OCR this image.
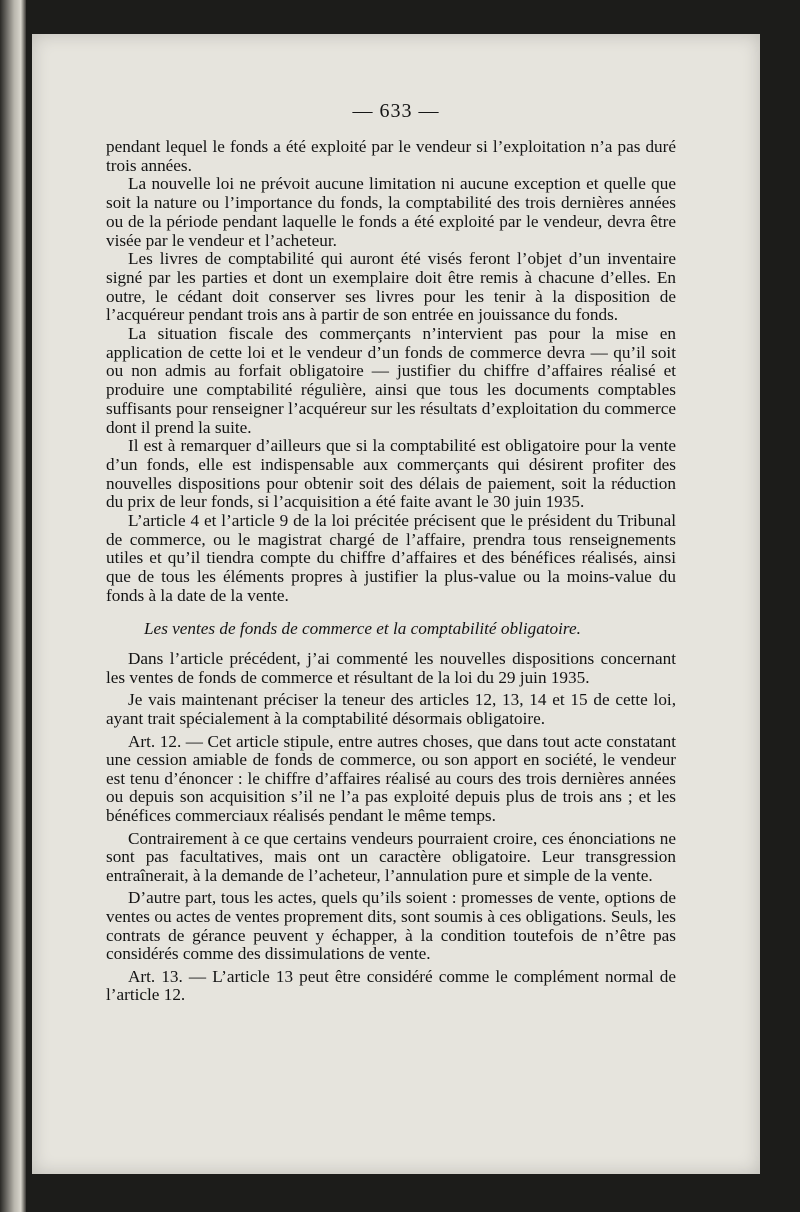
— 633 —

pendant lequel le fonds a été exploité par le vendeur si l’exploitation n’a pas duré trois années.

La nouvelle loi ne prévoit aucune limitation ni aucune exception et quelle que soit la nature ou l’importance du fonds, la comptabilité des trois dernières années ou de la période pendant laquelle le fonds a été exploité par le vendeur, devra être visée par le vendeur et l’acheteur.

Les livres de comptabilité qui auront été visés feront l’objet d’un inventaire signé par les parties et dont un exemplaire doit être remis à chacune d’elles. En outre, le cédant doit conserver ses livres pour les tenir à la disposition de l’acquéreur pendant trois ans à partir de son entrée en jouissance du fonds.

La situation fiscale des commerçants n’intervient pas pour la mise en application de cette loi et le vendeur d’un fonds de commerce devra — qu’il soit ou non admis au forfait obligatoire — justifier du chiffre d’affaires réalisé et produire une comptabilité régulière, ainsi que tous les documents comptables suffisants pour renseigner l’acquéreur sur les résultats d’exploitation du commerce dont il prend la suite.

Il est à remarquer d’ailleurs que si la comptabilité est obligatoire pour la vente d’un fonds, elle est indispensable aux commerçants qui désirent profiter des nouvelles dispositions pour obtenir soit des délais de paiement, soit la réduction du prix de leur fonds, si l’acquisition a été faite avant le 30 juin 1935.

L’article 4 et l’article 9 de la loi précitée précisent que le président du Tribunal de commerce, ou le magistrat chargé de l’affaire, prendra tous renseignements utiles et qu’il tiendra compte du chiffre d’affaires et des bénéfices réalisés, ainsi que de tous les éléments propres à justifier la plus-value ou la moins-value du fonds à la date de la vente.

Les ventes de fonds de commerce et la comptabilité obligatoire.

Dans l’article précédent, j’ai commenté les nouvelles dispositions concernant les ventes de fonds de commerce et résultant de la loi du 29 juin 1935.

Je vais maintenant préciser la teneur des articles 12, 13, 14 et 15 de cette loi, ayant trait spécialement à la comptabilité désormais obligatoire.

Art. 12. — Cet article stipule, entre autres choses, que dans tout acte constatant une cession amiable de fonds de commerce, ou son apport en société, le vendeur est tenu d’énoncer : le chiffre d’affaires réalisé au cours des trois dernières années ou depuis son acquisition s’il ne l’a pas exploité depuis plus de trois ans ; et les bénéfices commerciaux réalisés pendant le même temps.

Contrairement à ce que certains vendeurs pourraient croire, ces énonciations ne sont pas facultatives, mais ont un caractère obligatoire. Leur transgression entraînerait, à la demande de l’acheteur, l’annulation pure et simple de la vente.

D’autre part, tous les actes, quels qu’ils soient : promesses de vente, options de ventes ou actes de ventes proprement dits, sont soumis à ces obligations. Seuls, les contrats de gérance peuvent y échapper, à la condition toutefois de n’être pas considérés comme des dissimulations de vente.

Art. 13. — L’article 13 peut être considéré comme le complément normal de l’article 12.
